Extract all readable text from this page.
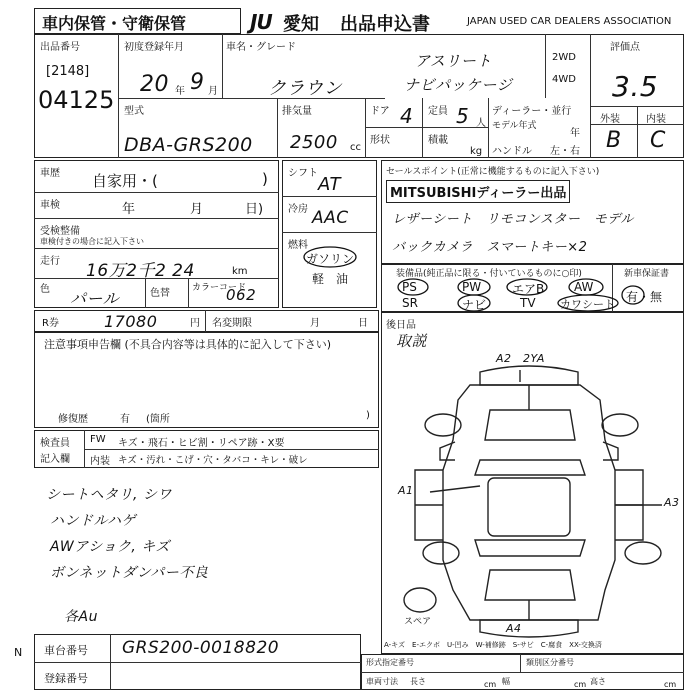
車内保管・守衛保管	JU 愛知 出品申込書	JAPAN USED CAR DEALERS ASSOCIATION
出品番号
[2148]
04125
初度登録年月
20 年 9 月
車名・グレード
クラウン
アスリート
ナビパッケージ
2WD
4WD
評価点
3.5
外装	内装
B C
型式
DBA-GRS200
排気量
2500 cc
ドア 4 定員 5 人
形状	積載
kg
ディーラー・並行
モデル年式
年
ハンドル 左・右
車歴 自家用・(	)
車検	年	月	日)
受検整備
車検付きの場合に記入下さい
走行 16万2千2 24	km
色 パール	色替 カラーコード
062
シフト
AT
冷房 AAC
燃料
ガソリン
軽　油
セールスポイント(正常に機能するものに記入下さい)
MITSUBISHIディーラー出品
レザーシート　リモコンスター　モデル
バックカメラ　スマートキー×2
装備品(純正品に限る・付いているものに○印)	新車保証書
有・無
PS	PW	エアB AW
SR	ナビ	TV カワシート
R券	17080	円 名変期限	月	日
注意事項申告欄 (不具合内容等は具体的に記入して下さい)
修復歴	有 (箇所	)
後日品
取説
A2　2YA
A1
A3
A4
スペア
A-キズ　E-エクボ　U-凹み　W-補修跡　S-サビ　C-腐食　XX-交換済
検査員
記入欄
FW キズ・飛石・ヒビ割・リペア跡・X要
内装 キズ・汚れ・こげ・穴・タバコ・キレ・破レ
シートヘタリ, シワ
ハンドルハゲ
AWアショク, キズ
ボンネットダンパー不良
各Au
N 車台番号 GRS200-0018820
登録番号
形式指定番号	類別区分番号
車両寸法 長さ	cm 幅	cm 高さ	cm
